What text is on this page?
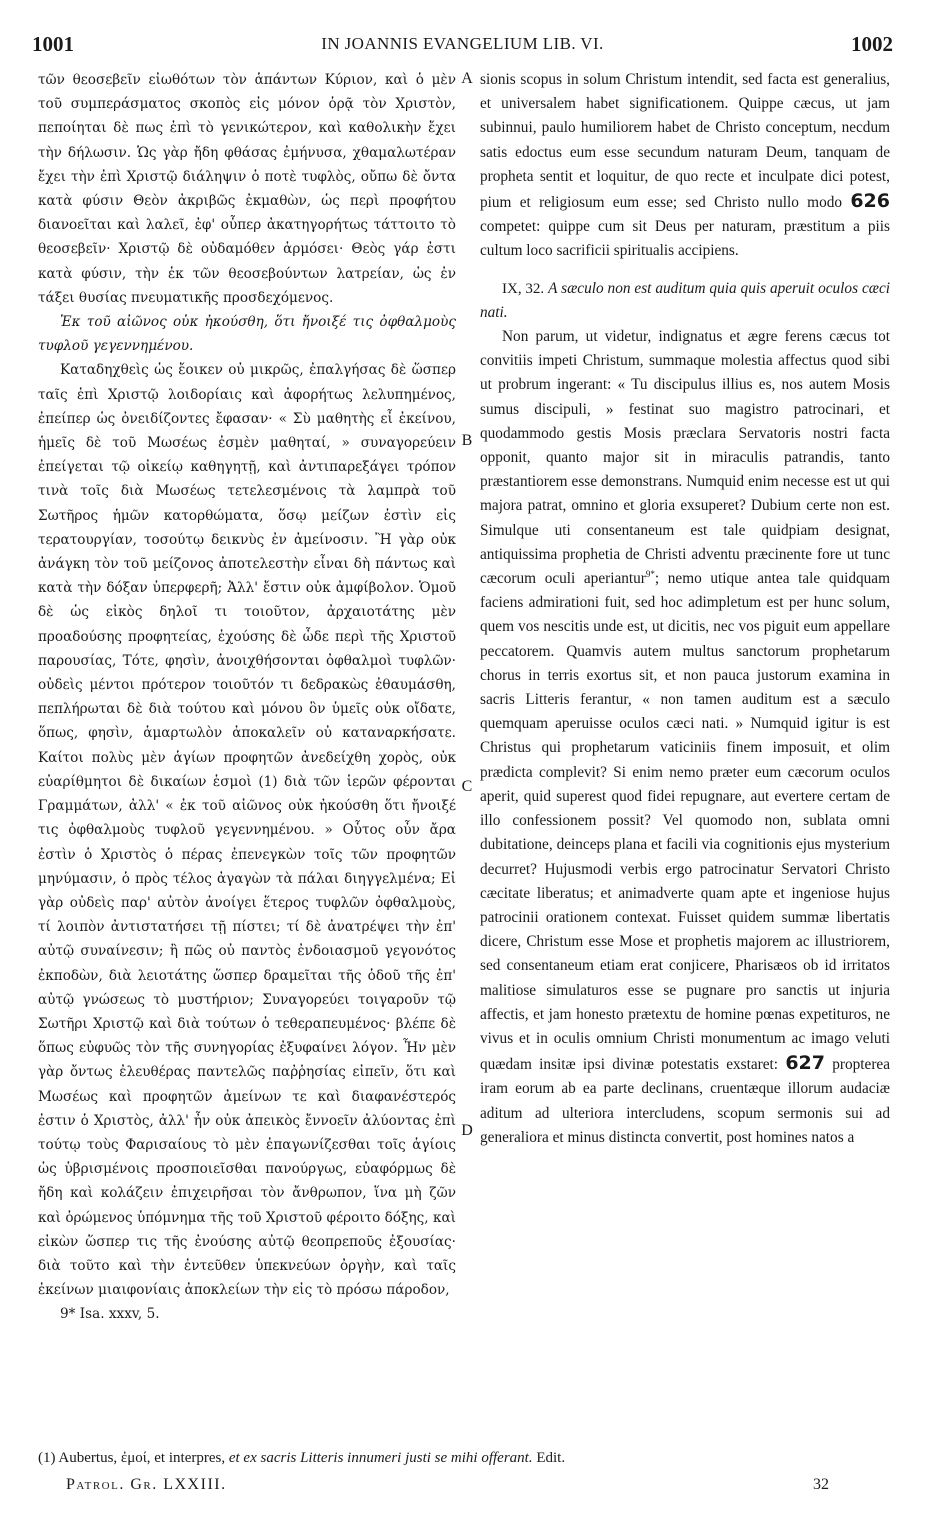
1001	IN JOANNIS EVANGELIUM LIB. VI.	1002

τῶν θεοσεβεῖν εἰωθότων τὸν ἁπάντων Κύριον, καὶ ὁ μὲν τοῦ συμπεράσματος σκοπὸς εἰς μόνον ὁρᾷ τὸν Χριστὸν, πεποίηται δὲ πως ἐπὶ τὸ γενικώτερον, καὶ καθολικὴν ἔχει τὴν δήλωσιν. Ὡς γὰρ ἤδη φθάσας ἐμήνυσα, χθαμαλωτέραν ἔχει τὴν ἐπὶ Χριστῷ διάληψιν ὁ ποτὲ τυφλὸς, οὔπω δὲ ὄντα κατὰ φύσιν Θεὸν ἀκριβῶς ἐκμαθὼν, ὡς περὶ προφήτου διανοεῖται καὶ λαλεῖ, ἐφ' οὗπερ ἀκατηγορήτως τάττοιτο τὸ θεοσεβεῖν· Χριστῷ δὲ οὐδαμόθεν ἁρμόσει· Θεὸς γάρ ἐστι κατὰ φύσιν, τὴν ἐκ τῶν θεοσεβούντων λατρείαν, ὡς ἐν τάξει θυσίας πνευματικῆς προσδεχόμενος.

Ἐκ τοῦ αἰῶνος οὐκ ἠκούσθη, ὅτι ἤνοιξέ τις ὀφθαλμοὺς τυφλοῦ γεγεννημένου.

Καταδηχθεὶς ὡς ἔοικεν οὐ μικρῶς, ἐπαλγήσας δὲ ὥσπερ ταῖς ἐπὶ Χριστῷ λοιδορίαις καὶ ἀφορήτως λελυπημένος, ἐπείπερ ὡς ὀνειδίζοντες ἔφασαν· « Σὺ μαθητὴς εἶ ἐκείνου, ἡμεῖς δὲ τοῦ Μωσέως ἐσμὲν μαθηταί, » συναγορεύειν ἐπείγεται τῷ οἰκείῳ καθηγητῇ, καὶ ἀντιπαρεξάγει τρόπον τινὰ τοῖς διὰ Μωσέως τετελεσμένοις τὰ λαμπρὰ τοῦ Σωτῆρος ἡμῶν κατορθώματα, ὅσῳ μείζων ἐστὶν εἰς τερατουργίαν, τοσούτῳ δεικνὺς ἐν ἀμείνοσιν. Ἢ γὰρ οὐκ ἀνάγκη τὸν τοῦ μείζονος ἀποτελεστὴν εἶναι δὴ πάντως καὶ κατὰ τὴν δόξαν ὑπερφερῆ; Ἀλλ' ἔστιν οὐκ ἀμφίβολον. Ὁμοῦ δὲ ὡς εἰκὸς δηλοῖ τι τοιοῦτον, ἀρχαιοτάτης μὲν προαδούσης προφητείας, ἐχούσης δὲ ὧδε περὶ τῆς Χριστοῦ παρουσίας, Τότε, φησὶν, ἀνοιχθήσονται ὀφθαλμοὶ τυφλῶν· οὐδεὶς μέντοι πρότερον τοιοῦτόν τι δεδρακὼς ἐθαυμάσθη, πεπλήρωται δὲ διὰ τούτου καὶ μόνου ὃν ὑμεῖς οὐκ οἴδατε, ὅπως, φησὶν, ἁμαρτωλὸν ἀποκαλεῖν οὐ καταναρκήσατε. Καίτοι πολὺς μὲν ἁγίων προφητῶν ἀνεδείχθη χορὸς, οὐκ εὐαρίθμητοι δὲ δικαίων ἑσμοὶ (1) διὰ τῶν ἱερῶν φέρονται Γραμμάτων, ἀλλ' « ἐκ τοῦ αἰῶνος οὐκ ἠκούσθη ὅτι ἤνοιξέ τις ὀφθαλμοὺς τυφλοῦ γεγεννημένου. » Οὗτος οὖν ἄρα ἐστὶν ὁ Χριστὸς ὁ πέρας ἐπενεγκὼν τοῖς τῶν προφητῶν μηνύμασιν, ὁ πρὸς τέλος ἀγαγὼν τὰ πάλαι διηγγελμένα; Εἰ γὰρ οὐδεὶς παρ' αὐτὸν ἀνοίγει ἕτερος τυφλῶν ὀφθαλμοὺς, τί λοιπὸν ἀντιστατήσει τῇ πίστει; τί δὲ ἀνατρέψει τὴν ἐπ' αὐτῷ συναίνεσιν; ἢ πῶς οὐ παντὸς ἐνδοιασμοῦ γεγονότος ἐκποδὼν, διὰ λειοτάτης ὥσπερ δραμεῖται τῆς ὁδοῦ τῆς ἐπ' αὐτῷ γνώσεως τὸ μυστήριον; Συναγορεύει τοιγαροῦν τῷ Σωτῆρι Χριστῷ καὶ διὰ τούτων ὁ τεθεραπευμένος· βλέπε δὲ ὅπως εὐφυῶς τὸν τῆς συνηγορίας ἐξυφαίνει λόγον. Ἦν μὲν γὰρ ὄντως ἐλευθέρας παντελῶς παῤῥησίας εἰπεῖν, ὅτι καὶ Μωσέως καὶ προφητῶν ἀμείνων τε καὶ διαφανέστερός ἐστιν ὁ Χριστὸς, ἀλλ' ἦν οὐκ ἀπεικὸς ἔννοεῖν ἀλύοντας ἐπὶ τούτῳ τοὺς Φαρισαίους τὸ μὲν ἐπαγωνίζεσθαι τοῖς ἁγίοις ὡς ὑβρισμένοις προσποιεῖσθαι πανούργως, εὐαφόρμως δὲ ἤδη καὶ κολάζειν ἐπιχειρῆσαι τὸν ἄνθρωπον, ἵνα μὴ ζῶν καὶ ὁρώμενος ὑπόμνημα τῆς τοῦ Χριστοῦ φέροιτο δόξης, καὶ εἰκὼν ὥσπερ τις τῆς ἐνούσης αὐτῷ θεοπρεποῦς ἐξουσίας· διὰ τοῦτο καὶ τὴν ἐντεῦθεν ὑπεκνεύων ὀργὴν, καὶ ταῖς ἐκείνων μιαιφονίαις ἀποκλείων τὴν εἰς τὸ πρόσω πάροδον,

9* Isa. xxxv, 5.

A
B
C
D

sionis scopus in solum Christum intendit, sed facta est generalius, et universalem habet significationem. Quippe cæcus, ut jam subinnui, paulo humiliorem habet de Christo conceptum, necdum satis edoctus eum esse secundum naturam Deum, tanquam de propheta sentit et loquitur, de quo recte et inculpate dici potest, pium et religiosum eum esse; sed Christo nullo modo 626 competet: quippe cum sit Deus per naturam, præstitum a piis cultum loco sacrificii spiritualis accipiens.

IX, 32. A sæculo non est auditum quia quis aperuit oculos cæci nati.

Non parum, ut videtur, indignatus et ægre ferens cæcus tot convitiis impeti Christum, summaque molestia affectus quod sibi ut probrum ingerant: « Tu discipulus illius es, nos autem Mosis sumus discipuli, » festinat suo magistro patrocinari, et quodammodo gestis Mosis præclara Servatoris nostri facta opponit, quanto major sit in miraculis patrandis, tanto præstantiorem esse demonstrans. Numquid enim necesse est ut qui majora patrat, omnino et gloria exsuperet? Dubium certe non est. Simulque uti consentaneum est tale quidpiam designat, antiquissima prophetia de Christi adventu præcinente fore ut tunc cæcorum oculi aperiantur$^{9*}$; nemo utique antea tale quidquam faciens admirationi fuit, sed hoc adimpletum est per hunc solum, quem vos nescitis unde est, ut dicitis, nec vos piguit eum appellare peccatorem. Quamvis autem multus sanctorum prophetarum chorus in terris exortus sit, et non pauca justorum examina in sacris Litteris ferantur, « non tamen auditum est a sæculo quemquam aperuisse oculos cæci nati. » Numquid igitur is est Christus qui prophetarum vaticiniis finem imposuit, et olim prædicta complevit? Si enim nemo præter eum cæcorum oculos aperit, quid superest quod fidei repugnare, aut evertere certam de illo confessionem possit? Vel quomodo non, sublata omni dubitatione, deinceps plana et facili via cognitionis ejus mysterium decurret? Hujusmodi verbis ergo patrocinatur Servatori Christo cæcitate liberatus; et animadverte quam apte et ingeniose hujus patrocinii orationem contexat. Fuisset quidem summæ libertatis dicere, Christum esse Mose et prophetis majorem ac illustriorem, sed consentaneum etiam erat conjicere, Pharisæos ob id irritatos malitiose simulaturos esse se pugnare pro sanctis ut injuria affectis, et jam honesto prætextu de homine pœnas expetituros, ne vivus et in oculis omnium Christi monumentum ac imago veluti quædam insitæ ipsi divinæ potestatis exstaret: 627 propterea iram eorum ab ea parte declinans, cruentæque illorum audaciæ aditum ad ulteriora intercludens, scopum sermonis sui ad generaliora et minus distincta convertit, post homines natos a

(1) Aubertus, ἐμοί, et interpres, et ex sacris Litteris innumeri justi se mihi offerant. Edit.
Patrol. Gr. LXXIII.	32
